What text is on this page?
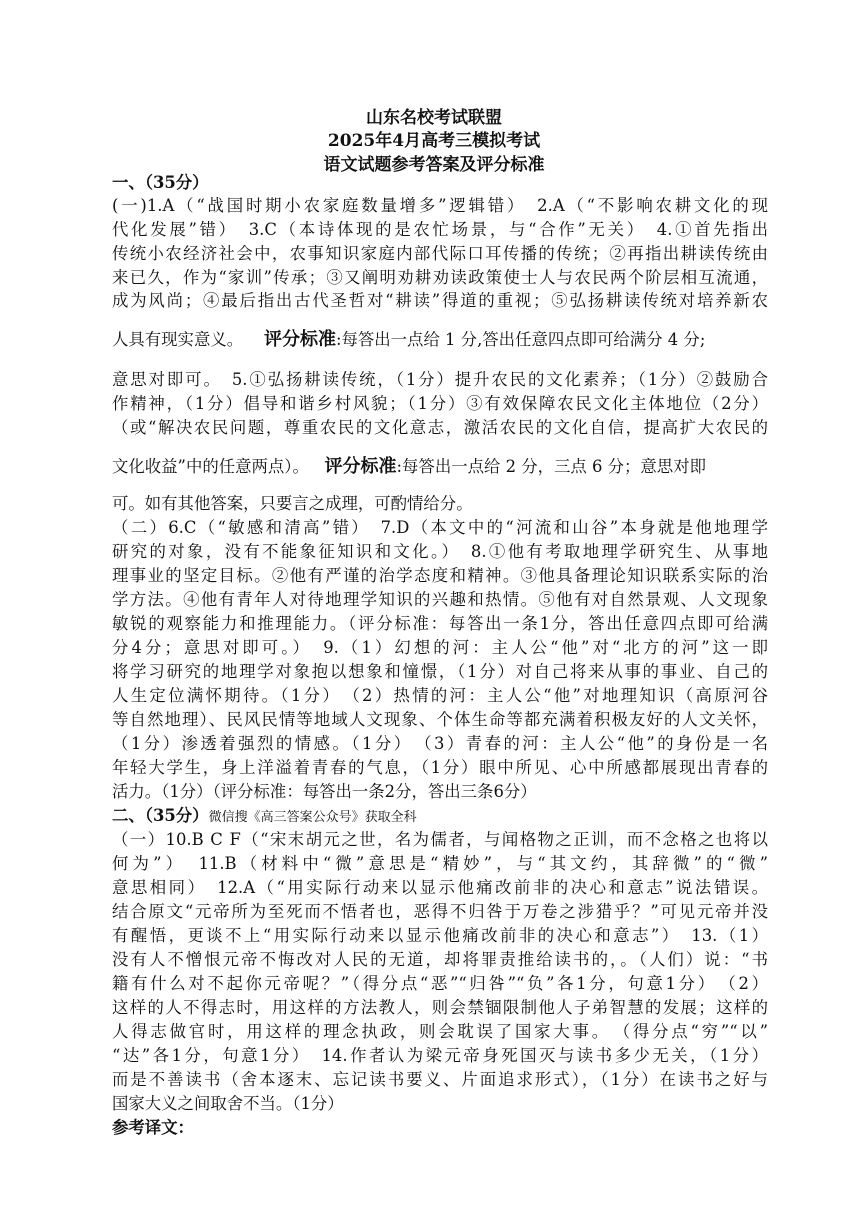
山东名校考试联盟
2025年4月高考三模拟考试
语文试题参考答案及评分标准
一、（35分）
(一)1.A（“战国时期小农家庭数量增多”逻辑错）　2.A（“不影响农耕文化的现
代化发展”错）　3.C（本诗体现的是农忙场景，与“合作”无关）　4.①首先指出
传统小农经济社会中，农事知识家庭内部代际口耳传播的传统；②再指出耕读传统由
来已久，作为“家训”传承；③又阐明劝耕劝读政策使士人与农民两个阶层相互流通，
成为风尚；④最后指出古代圣哲对“耕读”得道的重视；⑤弘扬耕读传统对培养新农
人具有现实意义。 评分标准:每答出一点给 1 分,答出任意四点即可给满分 4 分;
意思对即可。　5.①弘扬耕读传统，（1分）提升农民的文化素养；（1分）②鼓励合
作精神，（1分）倡导和谐乡村风貌；（1分）③有效保障农民文化主体地位（2分）
（或“解决农民问题，尊重农民的文化意志，激活农民的文化自信，提高扩大农民的
文化收益”中的任意两点）。 评分标准:每答出一点给 2 分，三点 6 分；意思对即
可。如有其他答案，只要言之成理，可酌情给分。
（二）6.C（“敏感和清高”错）　7.D（本文中的“河流和山谷”本身就是他地理学
研究的对象，没有不能象征知识和文化。）　8.①他有考取地理学研究生、从事地
理事业的坚定目标。②他有严谨的治学态度和精神。③他具备理论知识联系实际的治
学方法。④他有青年人对待地理学知识的兴趣和热情。⑤他有对自然景观、人文现象
敏锐的观察能力和推理能力。（评分标准：每答出一条1分，答出任意四点即可给满
分4分；意思对即可。）　9.（1）幻想的河：主人公“他”对“北方的河”这一即
将学习研究的地理学对象抱以想象和憧憬，（1分）对自己将来从事的事业、自己的
人生定位满怀期待。（1分）　（2）热情的河：主人公“他”对地理知识（高原河谷
等自然地理）、民风民情等地域人文现象、个体生命等都充满着积极友好的人文关怀，
（1分）渗透着强烈的情感。（1分）　（3）青春的河：主人公“他”的身份是一名
年轻大学生，身上洋溢着青春的气息，（1分）眼中所见、心中所感都展现出青春的
活力。（1分）（评分标准：每答出一条2分，答出三条6分）
二、（35分）微信搜《高三答案公众号》获取全科
（一）10.B C F（“宋末胡元之世，名为儒者，与闻格物之正训，而不念格之也将以
何为”）　11.B（材料中“微”意思是“精妙”，与“其文约，其辞微”的“微”
意思相同）　12.A（“用实际行动来以显示他痛改前非的决心和意志”说法错误。
结合原文“元帝所为至死而不悟者也，恶得不归咎于万卷之涉猎乎？”可见元帝并没
有醒悟，更谈不上“用实际行动来以显示他痛改前非的决心和意志”）　13.（1）
没有人不憎恨元帝不悔改对人民的无道，却将罪责推给读书的，。（人们）说：“书
籍有什么对不起你元帝呢？”（得分点“恶”“归咎”“负”各1分，句意1分）　（2）
这样的人不得志时，用这样的方法教人，则会禁锢限制他人子弟智慧的发展；这样的
人得志做官时，用这样的理念执政，则会耽误了国家大事。　（得分点“穷”“以”
“达”各1分，句意1分）　14.作者认为梁元帝身死国灭与读书多少无关，（1分）
而是不善读书（舍本逐末、忘记读书要义、片面追求形式），（1分）在读书之好与
国家大义之间取舍不当。（1分）
参考译文：
